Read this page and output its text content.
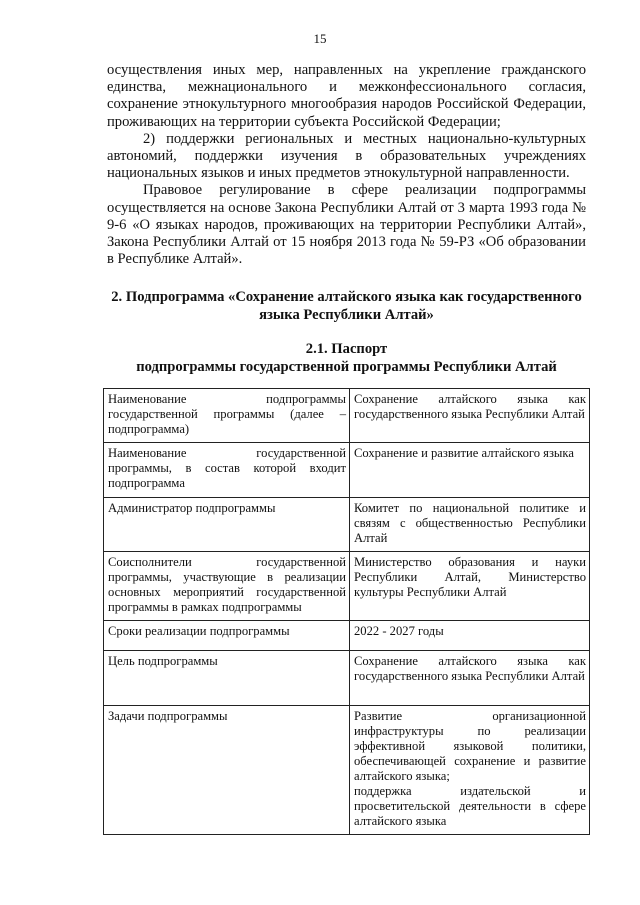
15

осуществления иных мер, направленных на укрепление гражданского единства, межнационального и межконфессионального согласия, сохранение этнокультурного многообразия народов Российской Федерации, проживающих на территории субъекта Российской Федерации;

2) поддержки региональных и местных национально-культурных автономий, поддержки изучения в образовательных учреждениях национальных языков и иных предметов этнокультурной направленности.

Правовое регулирование в сфере реализации подпрограммы осуществляется на основе Закона Республики Алтай от 3 марта 1993 года № 9-6 «О языках народов, проживающих на территории Республики Алтай», Закона Республики Алтай от 15 ноября 2013 года № 59-РЗ «Об образовании в Республике Алтай».

2. Подпрограмма «Сохранение алтайского языка как государственного языка Республики Алтай»
2.1. Паспорт
подпрограммы государственной программы Республики Алтай
Наименование подпрограммы государственной программы (далее – подпрограмма)	Сохранение алтайского языка как государственного языка Республики Алтай
Наименование государственной программы, в состав которой входит подпрограмма	Сохранение и развитие алтайского языка
Администратор подпрограммы	Комитет по национальной политике и связям с общественностью Республики Алтай
Соисполнители государственной программы, участвующие в реализации основных мероприятий государственной программы в рамках подпрограммы	Министерство образования и науки Республики Алтай, Министерство культуры Республики Алтай
Сроки реализации подпрограммы	2022 - 2027 годы
Цель подпрограммы	Сохранение алтайского языка как государственного языка Республики Алтай
Задачи подпрограммы	Развитие организационной инфраструктуры по реализации эффективной языковой политики, обеспечивающей сохранение и развитие алтайского языка;
поддержка издательской и просветительской деятельности в сфере алтайского языка
